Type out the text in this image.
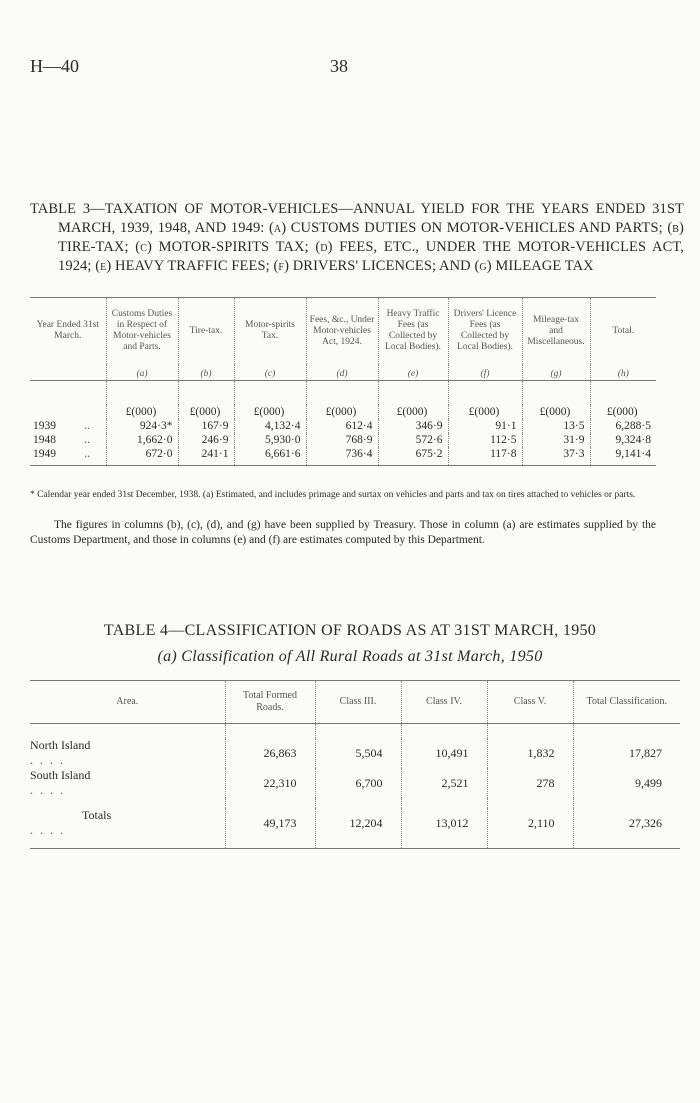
H—40	38
TABLE 3—TAXATION OF MOTOR-VEHICLES—ANNUAL YIELD FOR THE YEARS ENDED 31ST MARCH, 1939, 1948, AND 1949: (a) CUSTOMS DUTIES ON MOTOR-VEHICLES AND PARTS; (b) TIRE-TAX; (c) MOTOR-SPIRITS TAX; (d) FEES, ETC., UNDER THE MOTOR-VEHICLES ACT, 1924; (e) HEAVY TRAFFIC FEES; (f) DRIVERS' LICENCES; AND (g) MILEAGE TAX
Year Ended 31st March.	Customs Duties in Respect of Motor-vehicles and Parts.	Tire-tax.	Motor-spirits Tax.	Fees, &c., Under Motor-vehicles Act, 1924.	Heavy Traffic Fees (as Collected by Local Bodies).	Drivers' Licence Fees (as Collected by Local Bodies).	Mileage-tax and Miscellaneous.	Total.
	(a)	(b)	(c)	(d)	(e)	(f)	(g)	(h)

	£(000)	£(000)	£(000)	£(000)	£(000)	£(000)	£(000)	£(000)
1939 ..	924·3*	167·9	4,132·4	612·4	346·9	91·1	13·5	6,288·5
1948 ..	1,662·0	246·9	5,930·0	768·9	572·6	112·5	31·9	9,324·8
1949 ..	672·0	241·1	6,661·6	736·4	675·2	117·8	37·3	9,141·4
* Calendar year ended 31st December, 1938. (a) Estimated, and includes primage and surtax on vehicles and parts and tax on tires attached to vehicles or parts.
The figures in columns (b), (c), (d), and (g) have been supplied by Treasury. Those in column (a) are estimates supplied by the Customs Department, and those in columns (e) and (f) are estimates computed by this Department.
TABLE 4—CLASSIFICATION OF ROADS AS AT 31ST MARCH, 1950
(a) Classification of All Rural Roads at 31st March, 1950
Area.	Total Formed Roads.	Class III.	Class IV.	Class V.	Total Classification.

North Island. . . .	26,863	5,504	10,491	1,832	17,827
South Island. . . .	22,310	6,700	2,521	278	9,499

Totals. . . .	49,173	12,204	13,012	2,110	27,326
